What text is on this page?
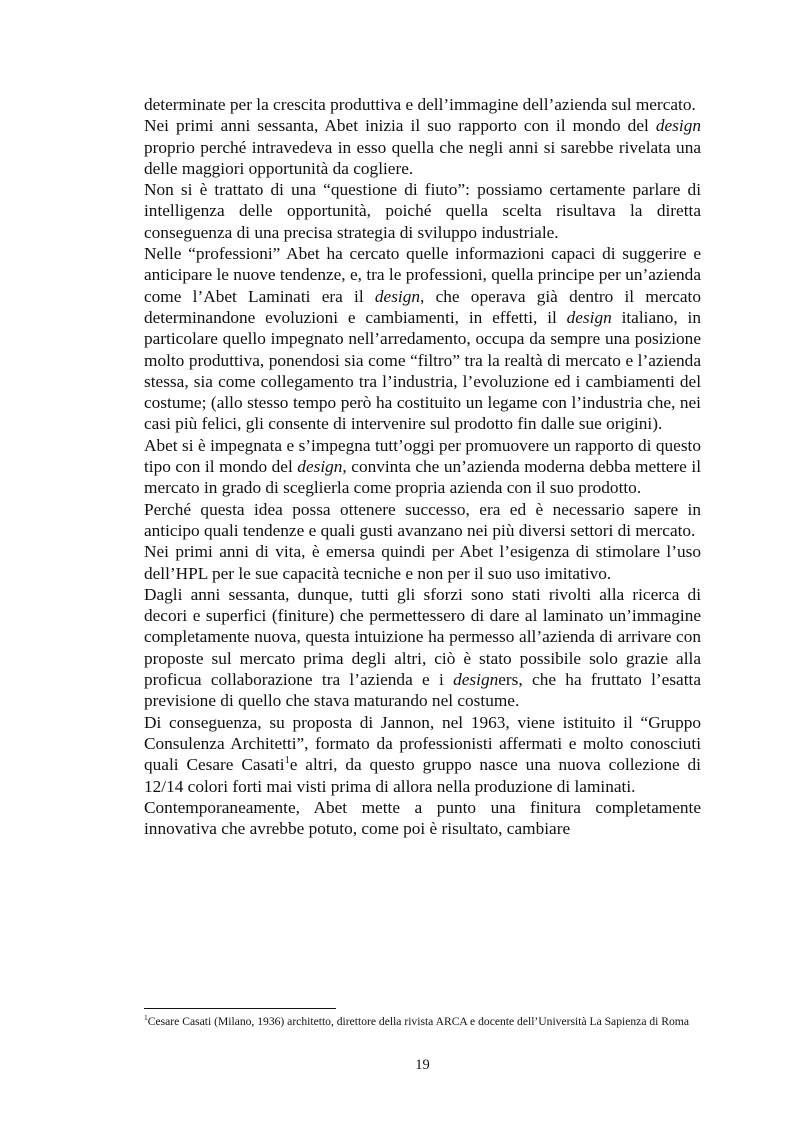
determinate per la crescita produttiva e dell’immagine dell’azienda sul mercato.

Nei primi anni sessanta, Abet inizia il suo rapporto con il mondo del design proprio perché intravedeva in esso quella che negli anni si sarebbe rivelata una delle maggiori opportunità da cogliere.

Non si è trattato di una “questione di fiuto”: possiamo certamente parlare di intelligenza delle opportunità, poiché quella scelta risultava la diretta conseguenza di una precisa strategia di sviluppo industriale.

Nelle “professioni” Abet ha cercato quelle informazioni capaci di suggerire e anticipare le nuove tendenze, e, tra le professioni, quella principe per un’azienda come l’Abet Laminati era il design, che operava già dentro il mercato determinandone evoluzioni e cambiamenti, in effetti, il design italiano, in particolare quello impegnato nell’arredamento, occupa da sempre una posizione molto produttiva, ponendosi sia come “filtro” tra la realtà di mercato e l’azienda stessa, sia come collegamento tra l’industria, l’evoluzione ed i cambiamenti del costume; (allo stesso tempo però ha costituito un legame con l’industria che, nei casi più felici, gli consente di intervenire sul prodotto fin dalle sue origini).

Abet si è impegnata e s’impegna tutt’oggi per promuovere un rapporto di questo tipo con il mondo del design, convinta che un’azienda moderna debba mettere il mercato in grado di sceglierla come propria azienda con il suo prodotto.

Perché questa idea possa ottenere successo, era ed è necessario sapere in anticipo quali tendenze e quali gusti avanzano nei più diversi settori di mercato.

Nei primi anni di vita, è emersa quindi per Abet l’esigenza di stimolare l’uso dell’HPL per le sue capacità tecniche e non per il suo uso imitativo.

Dagli anni sessanta, dunque, tutti gli sforzi sono stati rivolti alla ricerca di decori e superfici (finiture) che permettessero di dare al laminato un’immagine completamente nuova, questa intuizione ha permesso all’azienda di arrivare con proposte sul mercato prima degli altri, ciò è stato possibile solo grazie alla proficua collaborazione tra l’azienda e i designers, che ha fruttato l’esatta previsione di quello che stava maturando nel costume.

Di conseguenza, su proposta di Jannon, nel 1963, viene istituito il “Gruppo Consulenza Architetti”, formato da professionisti affermati e molto conosciuti quali Cesare Casati$^1$e altri, da questo gruppo nasce una nuova collezione di 12/14 colori forti mai visti prima di allora nella produzione di laminati.

Contemporaneamente, Abet mette a punto una finitura completamente innovativa che avrebbe potuto, come poi è risultato, cambiare

$^1$Cesare Casati (Milano, 1936) architetto, direttore della rivista ARCA e docente dell’Università La Sapienza di Roma
19
